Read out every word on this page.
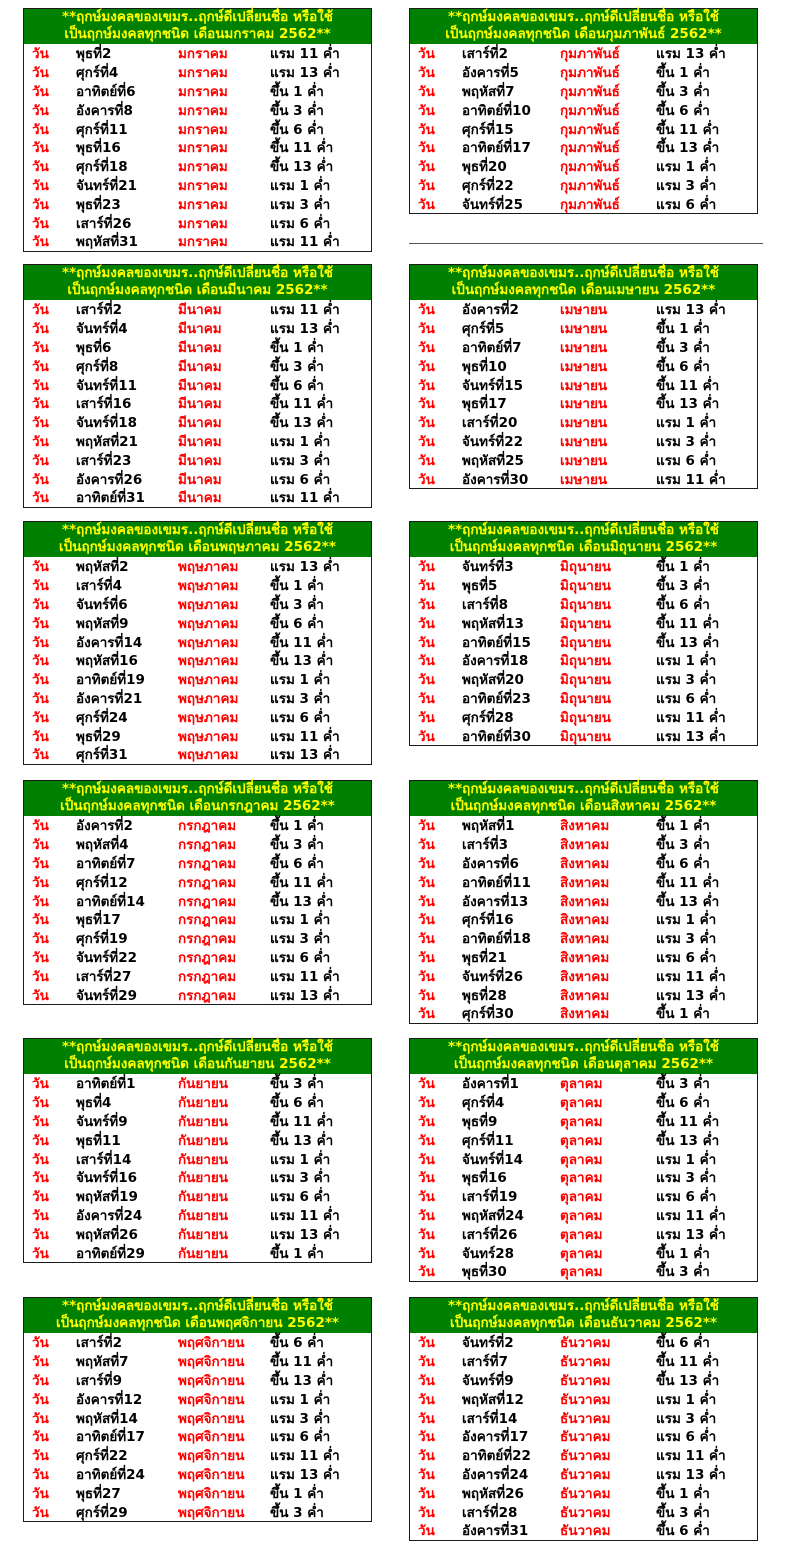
**ฤกษ์มงคลของเขมร..ฤกษ์ดีเปลี่ยนชื่อ หรือใช้
เป็นฤกษ์มงคลทุกชนิด เดือนมกราคม 2562**
วัน	พุธที่2	มกราคม	แรม 11 ค่ำ
วัน	ศุกร์ที่4	มกราคม	แรม 13 ค่ำ
วัน	อาทิตย์ที่6	มกราคม	ขึ้น 1 ค่ำ
วัน	อังคารที่8	มกราคม	ขึ้น 3 ค่ำ
วัน	ศุกร์ที่11	มกราคม	ขึ้น 6 ค่ำ
วัน	พุธที่16	มกราคม	ขึ้น 11 ค่ำ
วัน	ศุกร์ที่18	มกราคม	ขึ้น 13 ค่ำ
วัน	จันทร์ที่21	มกราคม	แรม 1 ค่ำ
วัน	พุธที่23	มกราคม	แรม 3 ค่ำ
วัน	เสาร์ที่26	มกราคม	แรม 6 ค่ำ
วัน	พฤหัสที่31	มกราคม	แรม 11 ค่ำ
**ฤกษ์มงคลของเขมร..ฤกษ์ดีเปลี่ยนชื่อ หรือใช้
เป็นฤกษ์มงคลทุกชนิด เดือนกุมภาพันธ์ 2562**
วัน	เสาร์ที่2	กุมภาพันธ์	แรม 13 ค่ำ
วัน	อังคารที่5	กุมภาพันธ์	ขึ้น 1 ค่ำ
วัน	พฤหัสที่7	กุมภาพันธ์	ขึ้น 3 ค่ำ
วัน	อาทิตย์ที่10	กุมภาพันธ์	ขึ้น 6 ค่ำ
วัน	ศุกร์ที่15	กุมภาพันธ์	ขึ้น 11 ค่ำ
วัน	อาทิตย์ที่17	กุมภาพันธ์	ขึ้น 13 ค่ำ
วัน	พุธที่20	กุมภาพันธ์	แรม 1 ค่ำ
วัน	ศุกร์ที่22	กุมภาพันธ์	แรม 3 ค่ำ
วัน	จันทร์ที่25	กุมภาพันธ์	แรม 6 ค่ำ
**ฤกษ์มงคลของเขมร..ฤกษ์ดีเปลี่ยนชื่อ หรือใช้
เป็นฤกษ์มงคลทุกชนิด เดือนมีนาคม 2562**
วัน	เสาร์ที่2	มีนาคม	แรม 11 ค่ำ
วัน	จันทร์ที่4	มีนาคม	แรม 13 ค่ำ
วัน	พุธที่6	มีนาคม	ขึ้น 1 ค่ำ
วัน	ศุกร์ที่8	มีนาคม	ขึ้น 3 ค่ำ
วัน	จันทร์ที่11	มีนาคม	ขึ้น 6 ค่ำ
วัน	เสาร์ที่16	มีนาคม	ขึ้น 11 ค่ำ
วัน	จันทร์ที่18	มีนาคม	ขึ้น 13 ค่ำ
วัน	พฤหัสที่21	มีนาคม	แรม 1 ค่ำ
วัน	เสาร์ที่23	มีนาคม	แรม 3 ค่ำ
วัน	อังคารที่26	มีนาคม	แรม 6 ค่ำ
วัน	อาทิตย์ที่31	มีนาคม	แรม 11 ค่ำ
**ฤกษ์มงคลของเขมร..ฤกษ์ดีเปลี่ยนชื่อ หรือใช้
เป็นฤกษ์มงคลทุกชนิด เดือนเมษายน 2562**
วัน	อังคารที่2	เมษายน	แรม 13 ค่ำ
วัน	ศุกร์ที่5	เมษายน	ขึ้น 1 ค่ำ
วัน	อาทิตย์ที่7	เมษายน	ขึ้น 3 ค่ำ
วัน	พุธที่10	เมษายน	ขึ้น 6 ค่ำ
วัน	จันทร์ที่15	เมษายน	ขึ้น 11 ค่ำ
วัน	พุธที่17	เมษายน	ขึ้น 13 ค่ำ
วัน	เสาร์ที่20	เมษายน	แรม 1 ค่ำ
วัน	จันทร์ที่22	เมษายน	แรม 3 ค่ำ
วัน	พฤหัสที่25	เมษายน	แรม 6 ค่ำ
วัน	อังคารที่30	เมษายน	แรม 11 ค่ำ
**ฤกษ์มงคลของเขมร..ฤกษ์ดีเปลี่ยนชื่อ หรือใช้
เป็นฤกษ์มงคลทุกชนิด เดือนพฤษภาคม 2562**
วัน	พฤหัสที่2	พฤษภาคม	แรม 13 ค่ำ
วัน	เสาร์ที่4	พฤษภาคม	ขึ้น 1 ค่ำ
วัน	จันทร์ที่6	พฤษภาคม	ขึ้น 3 ค่ำ
วัน	พฤหัสที่9	พฤษภาคม	ขึ้น 6 ค่ำ
วัน	อังคารที่14	พฤษภาคม	ขึ้น 11 ค่ำ
วัน	พฤหัสที่16	พฤษภาคม	ขึ้น 13 ค่ำ
วัน	อาทิตย์ที่19	พฤษภาคม	แรม 1 ค่ำ
วัน	อังคารที่21	พฤษภาคม	แรม 3 ค่ำ
วัน	ศุกร์ที่24	พฤษภาคม	แรม 6 ค่ำ
วัน	พุธที่29	พฤษภาคม	แรม 11 ค่ำ
วัน	ศุกร์ที่31	พฤษภาคม	แรม 13 ค่ำ
**ฤกษ์มงคลของเขมร..ฤกษ์ดีเปลี่ยนชื่อ หรือใช้
เป็นฤกษ์มงคลทุกชนิด เดือนมิถุนายน 2562**
วัน	จันทร์ที่3	มิถุนายน	ขึ้น 1 ค่ำ
วัน	พุธที่5	มิถุนายน	ขึ้น 3 ค่ำ
วัน	เสาร์ที่8	มิถุนายน	ขึ้น 6 ค่ำ
วัน	พฤหัสที่13	มิถุนายน	ขึ้น 11 ค่ำ
วัน	อาทิตย์ที่15	มิถุนายน	ขึ้น 13 ค่ำ
วัน	อังคารที่18	มิถุนายน	แรม 1 ค่ำ
วัน	พฤหัสที่20	มิถุนายน	แรม 3 ค่ำ
วัน	อาทิตย์ที่23	มิถุนายน	แรม 6 ค่ำ
วัน	ศุกร์ที่28	มิถุนายน	แรม 11 ค่ำ
วัน	อาทิตย์ที่30	มิถุนายน	แรม 13 ค่ำ
**ฤกษ์มงคลของเขมร..ฤกษ์ดีเปลี่ยนชื่อ หรือใช้
เป็นฤกษ์มงคลทุกชนิด เดือนกรกฎาคม 2562**
วัน	อังคารที่2	กรกฎาคม	ขึ้น 1 ค่ำ
วัน	พฤหัสที่4	กรกฎาคม	ขึ้น 3 ค่ำ
วัน	อาทิตย์ที่7	กรกฎาคม	ขึ้น 6 ค่ำ
วัน	ศุกร์ที่12	กรกฎาคม	ขึ้น 11 ค่ำ
วัน	อาทิตย์ที่14	กรกฎาคม	ขึ้น 13 ค่ำ
วัน	พุธที่17	กรกฎาคม	แรม 1 ค่ำ
วัน	ศุกร์ที่19	กรกฎาคม	แรม 3 ค่ำ
วัน	จันทร์ที่22	กรกฎาคม	แรม 6 ค่ำ
วัน	เสาร์ที่27	กรกฎาคม	แรม 11 ค่ำ
วัน	จันทร์ที่29	กรกฎาคม	แรม 13 ค่ำ
**ฤกษ์มงคลของเขมร..ฤกษ์ดีเปลี่ยนชื่อ หรือใช้
เป็นฤกษ์มงคลทุกชนิด เดือนสิงหาคม 2562**
วัน	พฤหัสที่1	สิงหาคม	ขึ้น 1 ค่ำ
วัน	เสาร์ที่3	สิงหาคม	ขึ้น 3 ค่ำ
วัน	อังคารที่6	สิงหาคม	ขึ้น 6 ค่ำ
วัน	อาทิตย์ที่11	สิงหาคม	ขึ้น 11 ค่ำ
วัน	อังคารที่13	สิงหาคม	ขึ้น 13 ค่ำ
วัน	ศุกร์ที่16	สิงหาคม	แรม 1 ค่ำ
วัน	อาทิตย์ที่18	สิงหาคม	แรม 3 ค่ำ
วัน	พุธที่21	สิงหาคม	แรม 6 ค่ำ
วัน	จันทร์ที่26	สิงหาคม	แรม 11 ค่ำ
วัน	พุธที่28	สิงหาคม	แรม 13 ค่ำ
วัน	ศุกร์ที่30	สิงหาคม	ขึ้น 1 ค่ำ
**ฤกษ์มงคลของเขมร..ฤกษ์ดีเปลี่ยนชื่อ หรือใช้
เป็นฤกษ์มงคลทุกชนิด เดือนกันยายน 2562**
วัน	อาทิตย์ที่1	กันยายน	ขึ้น 3 ค่ำ
วัน	พุธที่4	กันยายน	ขึ้น 6 ค่ำ
วัน	จันทร์ที่9	กันยายน	ขึ้น 11 ค่ำ
วัน	พุธที่11	กันยายน	ขึ้น 13 ค่ำ
วัน	เสาร์ที่14	กันยายน	แรม 1 ค่ำ
วัน	จันทร์ที่16	กันยายน	แรม 3 ค่ำ
วัน	พฤหัสที่19	กันยายน	แรม 6 ค่ำ
วัน	อังคารที่24	กันยายน	แรม 11 ค่ำ
วัน	พฤหัสที่26	กันยายน	แรม 13 ค่ำ
วัน	อาทิตย์ที่29	กันยายน	ขึ้น 1 ค่ำ
**ฤกษ์มงคลของเขมร..ฤกษ์ดีเปลี่ยนชื่อ หรือใช้
เป็นฤกษ์มงคลทุกชนิด เดือนตุลาคม 2562**
วัน	อังคารที่1	ตุลาคม	ขึ้น 3 ค่ำ
วัน	ศุกร์ที่4	ตุลาคม	ขึ้น 6 ค่ำ
วัน	พุธที่9	ตุลาคม	ขึ้น 11 ค่ำ
วัน	ศุกร์ที่11	ตุลาคม	ขึ้น 13 ค่ำ
วัน	จันทร์ที่14	ตุลาคม	แรม 1 ค่ำ
วัน	พุธที่16	ตุลาคม	แรม 3 ค่ำ
วัน	เสาร์ที่19	ตุลาคม	แรม 6 ค่ำ
วัน	พฤหัสที่24	ตุลาคม	แรม 11 ค่ำ
วัน	เสาร์ที่26	ตุลาคม	แรม 13 ค่ำ
วัน	จันทร์28	ตุลาคม	ขึ้น 1 ค่ำ
วัน	พุธที่30	ตุลาคม	ขึ้น 3 ค่ำ
**ฤกษ์มงคลของเขมร..ฤกษ์ดีเปลี่ยนชื่อ หรือใช้
เป็นฤกษ์มงคลทุกชนิด เดือนพฤศจิกายน 2562**
วัน	เสาร์ที่2	พฤศจิกายน	ขึ้น 6 ค่ำ
วัน	พฤหัสที่7	พฤศจิกายน	ขึ้น 11 ค่ำ
วัน	เสาร์ที่9	พฤศจิกายน	ขึ้น 13 ค่ำ
วัน	อังคารที่12	พฤศจิกายน	แรม 1 ค่ำ
วัน	พฤหัสที่14	พฤศจิกายน	แรม 3 ค่ำ
วัน	อาทิตย์ที่17	พฤศจิกายน	แรม 6 ค่ำ
วัน	ศุกร์ที่22	พฤศจิกายน	แรม 11 ค่ำ
วัน	อาทิตย์ที่24	พฤศจิกายน	แรม 13 ค่ำ
วัน	พุธที่27	พฤศจิกายน	ขึ้น 1 ค่ำ
วัน	ศุกร์ที่29	พฤศจิกายน	ขึ้น 3 ค่ำ
**ฤกษ์มงคลของเขมร..ฤกษ์ดีเปลี่ยนชื่อ หรือใช้
เป็นฤกษ์มงคลทุกชนิด เดือนธันวาคม 2562**
วัน	จันทร์ที่2	ธันวาคม	ขึ้น 6 ค่ำ
วัน	เสาร์ที่7	ธันวาคม	ขึ้น 11 ค่ำ
วัน	จันทร์ที่9	ธันวาคม	ขึ้น 13 ค่ำ
วัน	พฤหัสที่12	ธันวาคม	แรม 1 ค่ำ
วัน	เสาร์ที่14	ธันวาคม	แรม 3 ค่ำ
วัน	อังคารที่17	ธันวาคม	แรม 6 ค่ำ
วัน	อาทิตย์ที่22	ธันวาคม	แรม 11 ค่ำ
วัน	อังคารที่24	ธันวาคม	แรม 13 ค่ำ
วัน	พฤหัสที่26	ธันวาคม	ขึ้น 1 ค่ำ
วัน	เสาร์ที่28	ธันวาคม	ขึ้น 3 ค่ำ
วัน	อังคารที่31	ธันวาคม	ขึ้น 6 ค่ำ
